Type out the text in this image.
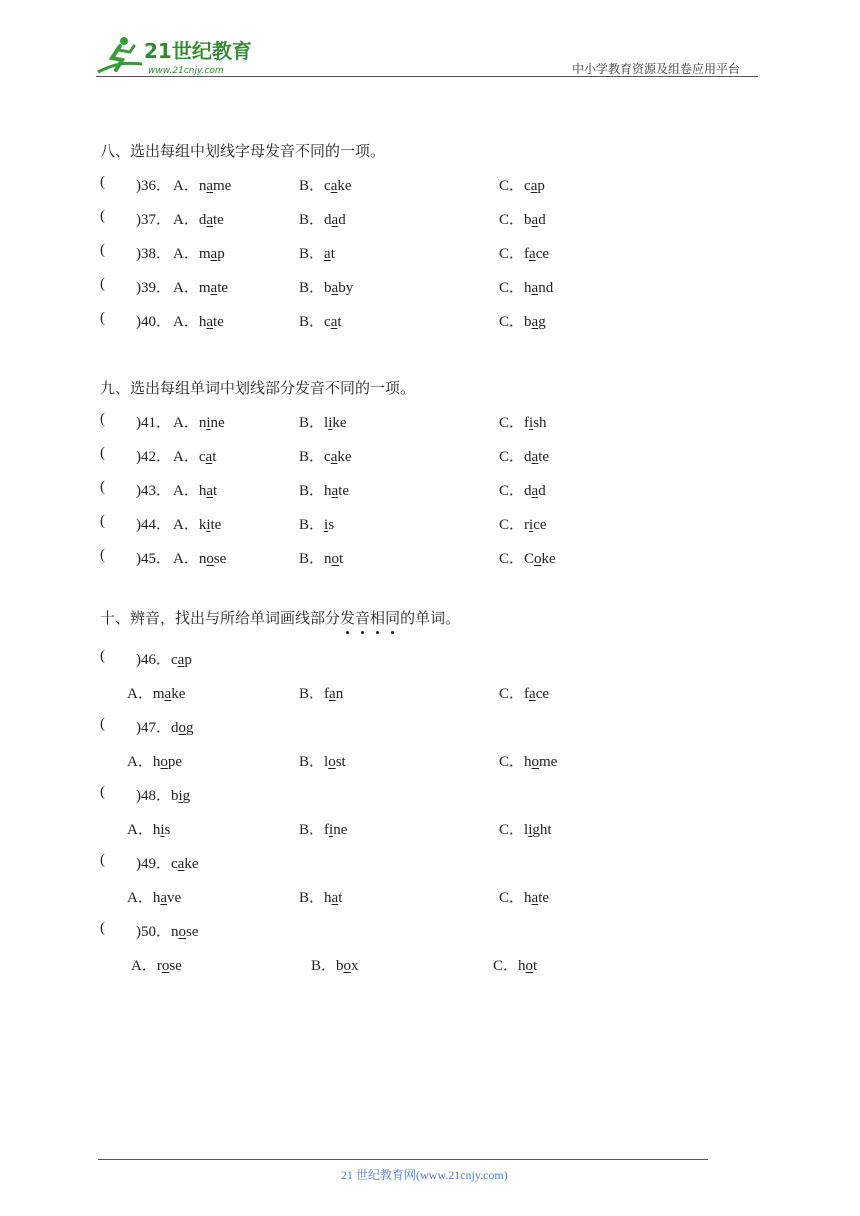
21世纪教育
www.21cnjy.com	中小学教育资源及组卷应用平台
八、选出每组中划线字母发音不同的一项。
( )36． A．name	B．cake	C．cap
( )37． A．date	B．dad	C．bad
( )38． A．map	B．at	C．face
( )39． A．mate	B．baby	C．hand
( )40． A．hate	B．cat	C．bag
九、选出每组单词中划线部分发音不同的一项。
( )41． A．nine	B．like	C．fish
( )42． A．cat	B．cake	C．date
( )43． A．hat	B．hate	C．dad
( )44． A．kite	B．is	C．rice
( )45． A．nose	B．not	C．Coke
十、辨音，找出与所给单词画线部分发音相同的单词。
( )46．cap
A．make	B．fan	C．face
( )47．dog
A．hope	B．lost	C．home
( )48．big
A．his	B．fine	C．light
( )49．cake
A．have	B．hat	C．hate
( )50．nose
A．rose	B．box	C．hot
21 世纪教育网(www.21cnjy.com)
